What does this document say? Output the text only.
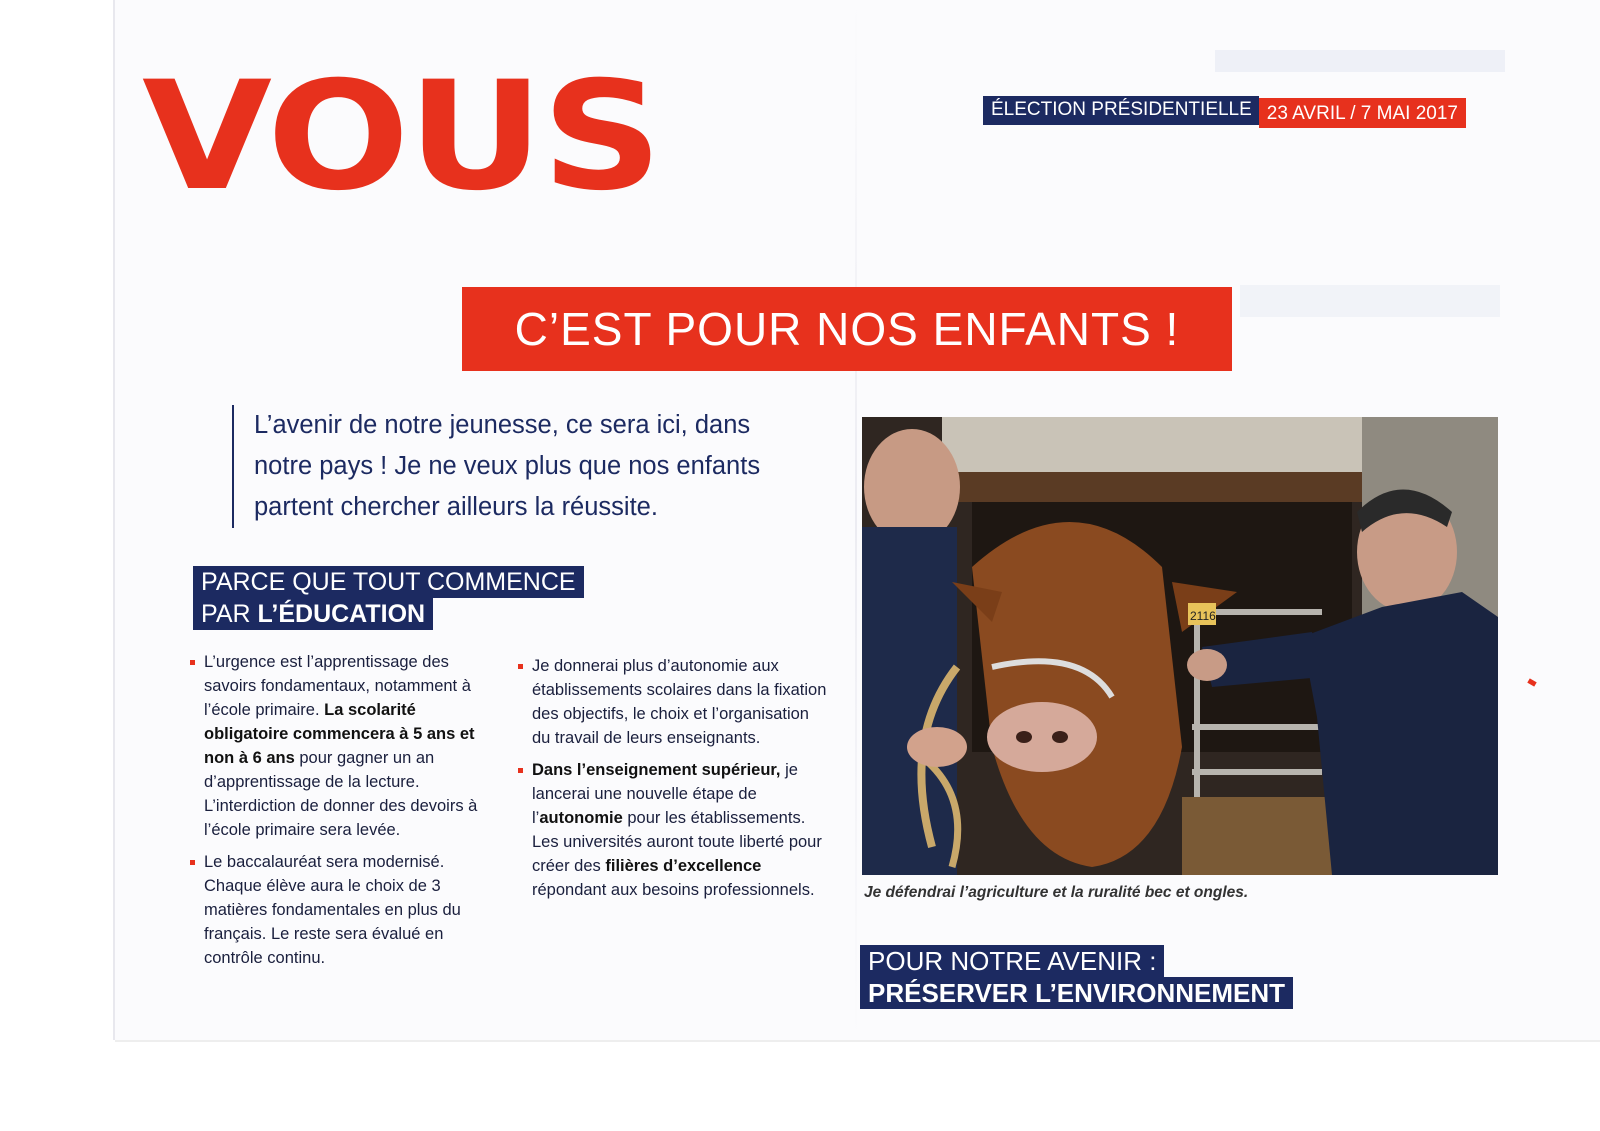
VOUS	ÉLECTION PRÉSIDENTIELLE 23 AVRIL / 7 MAI 2017
C’EST POUR NOS ENFANTS !
L’avenir de notre jeunesse, ce sera ici, dans
notre pays ! Je ne veux plus que nos enfants
partent chercher ailleurs la réussite.
PARCE QUE TOUT COMMENCE
PAR L’ÉDUCATION
L’urgence est l’apprentissage des savoirs fondamentaux, notamment à l’école primaire. La scolarité obligatoire commencera à 5 ans et non à 6 ans pour gagner un an d’apprentissage de la lecture. L’interdiction de donner des devoirs à l’école primaire sera levée.
Le baccalauréat sera modernisé. Chaque élève aura le choix de 3 matières fondamentales en plus du français. Le reste sera évalué en contrôle continu.
Je donnerai plus d’autonomie aux établissements scolaires dans la fixation des objectifs, le choix et l’organisation du travail de leurs enseignants.
Dans l’enseignement supérieur, je lancerai une nouvelle étape de l’autonomie pour les établissements. Les universités auront toute liberté pour créer des filières d’excellence répondant aux besoins professionnels.
2116
Je défendrai l’agriculture et la ruralité bec et ongles.
POUR NOTRE AVENIR :
PRÉSERVER L’ENVIRONNEMENT
